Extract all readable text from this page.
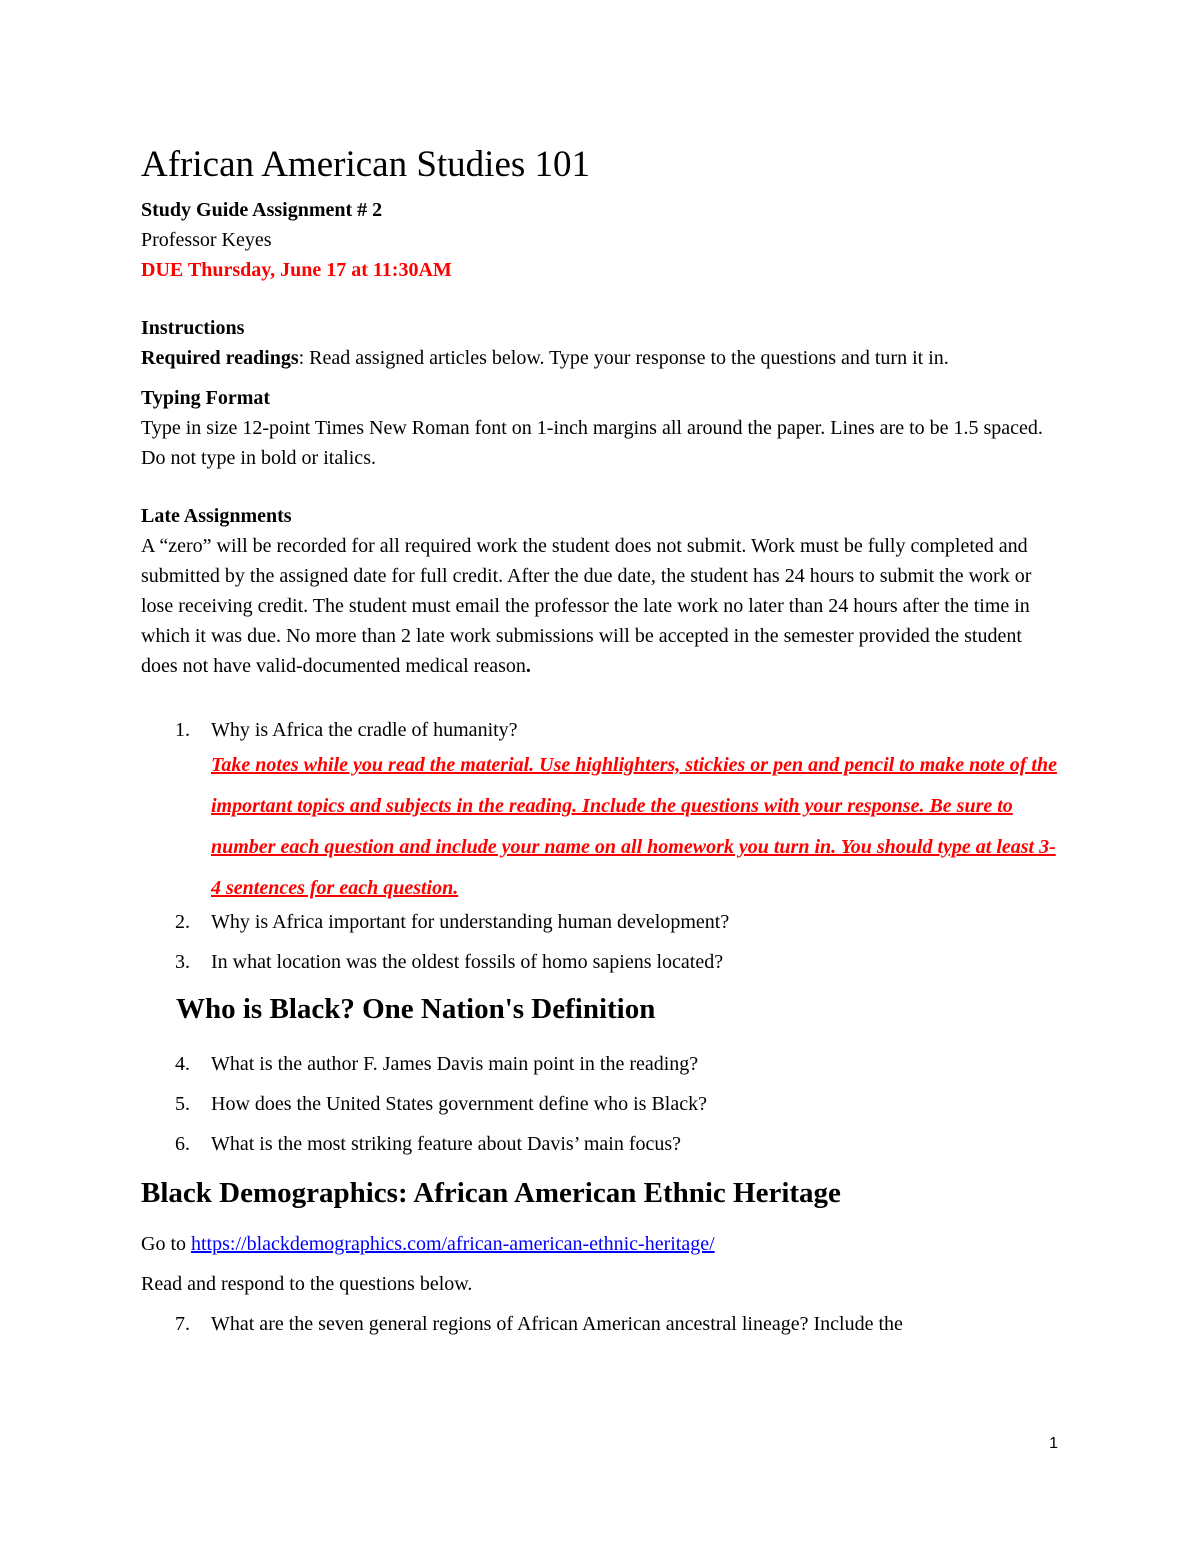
African American Studies 101

Study Guide Assignment # 2

Professor Keyes

DUE Thursday, June 17 at 11:30AM

Instructions

Required readings: Read assigned articles below. Type your response to the questions and turn it in.

Typing Format

Type in size 12-point Times New Roman font on 1-inch margins all around the paper. Lines are to be 1.5 spaced. Do not type in bold or italics.

Late Assignments

A “zero” will be recorded for all required work the student does not submit. Work must be fully completed and submitted by the assigned date for full credit. After the due date, the student has 24 hours to submit the work or lose receiving credit. The student must email the professor the late work no later than 24 hours after the time in which it was due. No more than 2 late work submissions will be accepted in the semester provided the student does not have valid-documented medical reason.

1. Why is Africa the cradle of humanity?

Take notes while you read the material. Use highlighters, stickies or pen and pencil to make note of the important topics and subjects in the reading. Include the questions with your response. Be sure to number each question and include your name on all homework you turn in. You should type at least 3-4 sentences for each question.

2. Why is Africa important for understanding human development?
3. In what location was the oldest fossils of homo sapiens located?
Who is Black? One Nation's Definition
4. What is the author F. James Davis main point in the reading?
5. How does the United States government define who is Black?
6. What is the most striking feature about Davis’ main focus?
Black Demographics: African American Ethnic Heritage

Go to https://blackdemographics.com/african-american-ethnic-heritage/

Read and respond to the questions below.

7. What are the seven general regions of African American ancestral lineage? Include the
1
